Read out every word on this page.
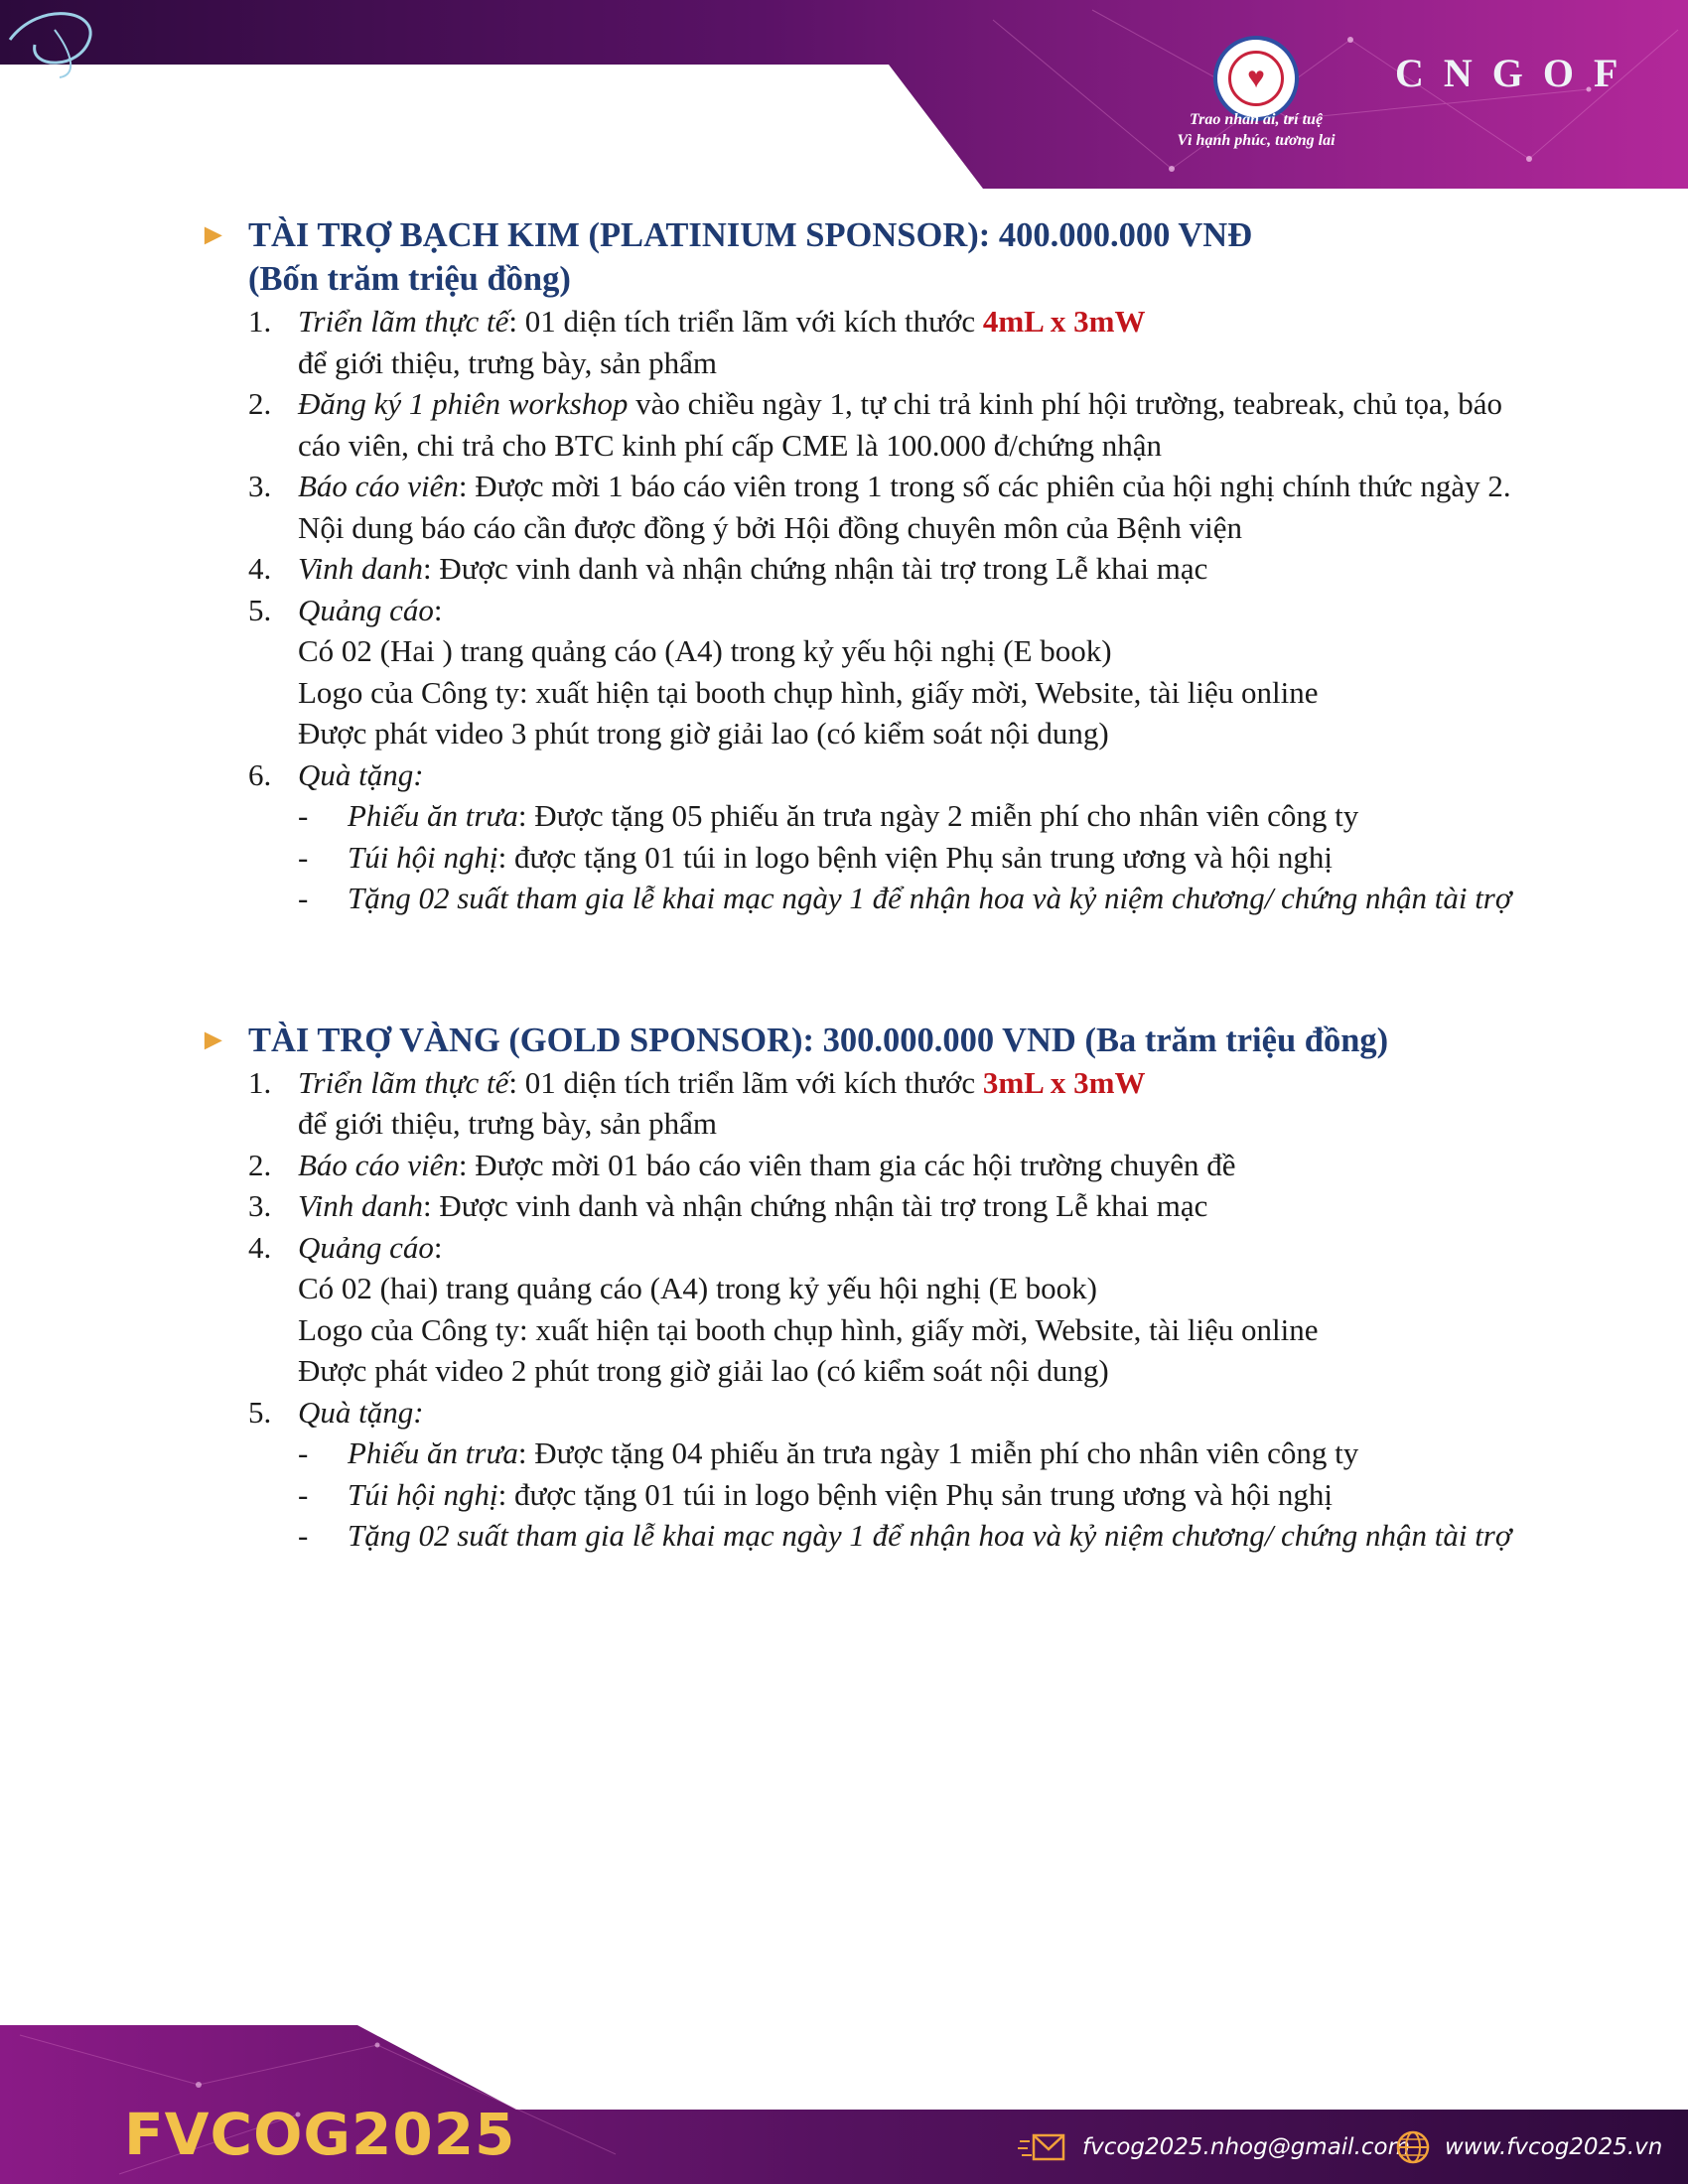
♥
Trao nhân ái, trí tuệ
Vì hạnh phúc, tương lai
CNGOF
► TÀI TRỢ BẠCH KIM (PLATINIUM SPONSOR): 400.000.000 VNĐ
(Bốn trăm triệu đồng)
1. Triển lãm thực tế: 01 diện tích triển lãm với kích thước 4mL x 3mW
để giới thiệu, trưng bày, sản phẩm
2. Đăng ký 1 phiên workshop vào chiều ngày 1, tự chi trả kinh phí hội trường, teabreak, chủ tọa, báo cáo viên, chi trả cho BTC kinh phí cấp CME là 100.000 đ/chứng nhận
3. Báo cáo viên: Được mời 1 báo cáo viên trong 1 trong số các phiên của hội nghị chính thức ngày 2. Nội dung báo cáo cần được đồng ý bởi Hội đồng chuyên môn của Bệnh viện
4. Vinh danh: Được vinh danh và nhận chứng nhận tài trợ trong Lễ khai mạc
5. Quảng cáo:
Có 02 (Hai ) trang quảng cáo (A4) trong kỷ yếu hội nghị (E book)
Logo của Công ty: xuất hiện tại booth chụp hình, giấy mời, Website, tài liệu online
Được phát video 3 phút trong giờ giải lao (có kiểm soát nội dung)
6. Quà tặng:
-	Phiếu ăn trưa: Được tặng 05 phiếu ăn trưa ngày 2 miễn phí cho nhân viên công ty
-	Túi hội nghị: được tặng 01 túi in logo bệnh viện Phụ sản trung ương và hội nghị
-	Tặng 02 suất tham gia lễ khai mạc ngày 1 để nhận hoa và kỷ niệm chương/ chứng nhận tài trợ
► TÀI TRỢ VÀNG (GOLD SPONSOR): 300.000.000 VND (Ba trăm triệu đồng)
1. Triển lãm thực tế: 01 diện tích triển lãm với kích thước 3mL x 3mW
để giới thiệu, trưng bày, sản phẩm
2. Báo cáo viên: Được mời 01 báo cáo viên tham gia các hội trường chuyên đề
3. Vinh danh: Được vinh danh và nhận chứng nhận tài trợ trong Lễ khai mạc
4. Quảng cáo:
Có 02 (hai) trang quảng cáo (A4) trong kỷ yếu hội nghị (E book)
Logo của Công ty: xuất hiện tại booth chụp hình, giấy mời, Website, tài liệu online
Được phát video 2 phút trong giờ giải lao (có kiểm soát nội dung)
5. Quà tặng:
-	Phiếu ăn trưa: Được tặng 04 phiếu ăn trưa ngày 1 miễn phí cho nhân viên công ty
-	Túi hội nghị: được tặng 01 túi in logo bệnh viện Phụ sản trung ương và hội nghị
-	Tặng 02 suất tham gia lễ khai mạc ngày 1 để nhận hoa và kỷ niệm chương/ chứng nhận tài trợ
FVCOG2025	fvcog2025.nhog@gmail.com www.fvcog2025.vn
